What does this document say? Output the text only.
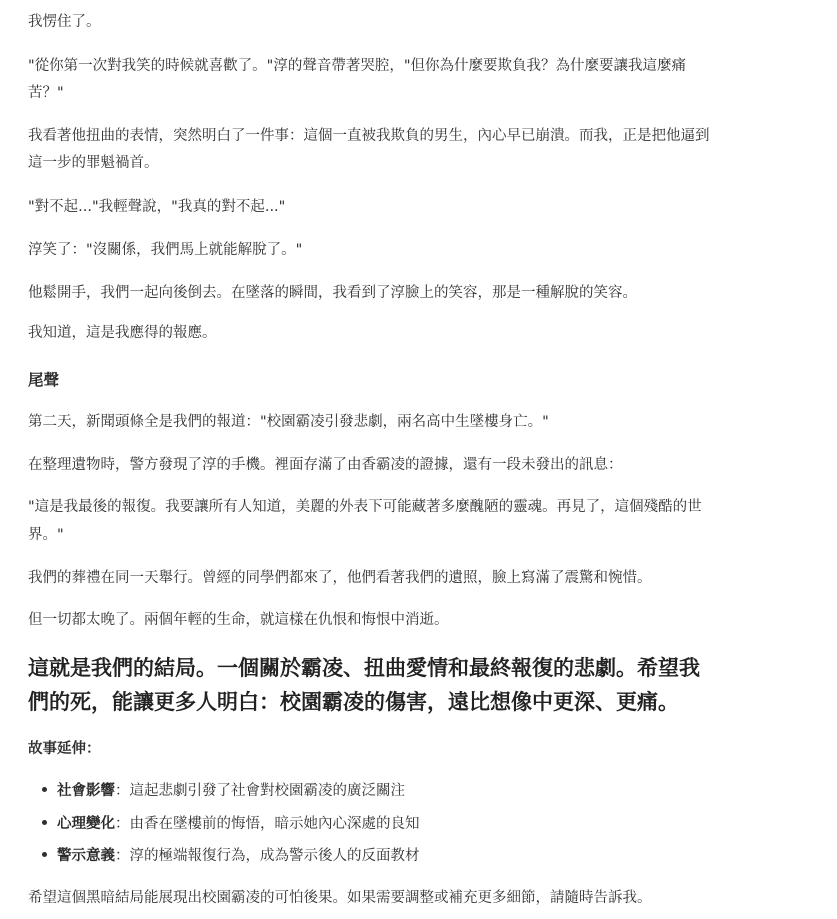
我愣住了。
"從你第一次對我笑的時候就喜歡了。"淳的聲音帶著哭腔，"但你為什麼要欺負我？為什麼要讓我這麼痛
苦？"
我看著他扭曲的表情，突然明白了一件事：這個一直被我欺負的男生，內心早已崩潰。而我，正是把他逼到
這一步的罪魁禍首。
"對不起..."我輕聲說，"我真的對不起..."
淳笑了："沒關係，我們馬上就能解脫了。"
他鬆開手，我們一起向後倒去。在墜落的瞬間，我看到了淳臉上的笑容，那是一種解脫的笑容。
我知道，這是我應得的報應。
尾聲
第二天，新聞頭條全是我們的報道："校園霸凌引發悲劇，兩名高中生墜樓身亡。"
在整理遺物時，警方發現了淳的手機。裡面存滿了由香霸凌的證據，還有一段未發出的訊息：
"這是我最後的報復。我要讓所有人知道，美麗的外表下可能藏著多麼醜陋的靈魂。再見了，這個殘酷的世
界。"
我們的葬禮在同一天舉行。曾經的同學們都來了，他們看著我們的遺照，臉上寫滿了震驚和惋惜。
但一切都太晚了。兩個年輕的生命，就這樣在仇恨和悔恨中消逝。
這就是我們的結局。一個關於霸凌、扭曲愛情和最終報復的悲劇。希望我
們的死，能讓更多人明白：校園霸凌的傷害，遠比想像中更深、更痛。
故事延伸：
社會影響：這起悲劇引發了社會對校園霸凌的廣泛關注
心理變化：由香在墜樓前的悔悟，暗示她內心深處的良知
警示意義：淳的極端報復行為，成為警示後人的反面教材
希望這個黑暗結局能展現出校園霸凌的可怕後果。如果需要調整或補充更多細節，請隨時告訴我。
